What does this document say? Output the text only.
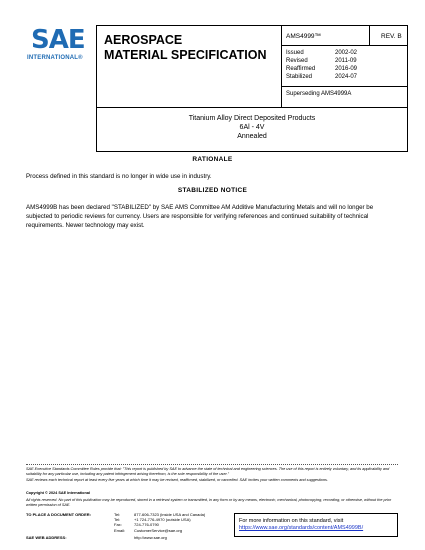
SAE
INTERNATIONAL®
AEROSPACE
MATERIAL SPECIFICATION
AMS4999™	REV. B
Issued	2002-02
Revised	2011-09
Reaffirmed	2016-09
Stabilized	2024-07
Superseding AMS4999A
Titanium Alloy Direct Deposited Products
6Al - 4V
Annealed
RATIONALE
Process defined in this standard is no longer in wide use in industry.
STABILIZED NOTICE
AMS4999B has been declared "STABILIZED" by SAE AMS Committee AM Additive Manufacturing Metals and will no longer be subjected to periodic reviews for currency. Users are responsible for verifying references and continued suitability of technical requirements. Newer technology may exist.
SAE Executive Standards Committee Rules provide that: "This report is published by SAE to advance the state of technical and engineering sciences. The use of this report is entirely voluntary, and its applicability and suitability for any particular use, including any patent infringement arising therefrom, is the sole responsibility of the user."
SAE reviews each technical report at least every five years at which time it may be revised, reaffirmed, stabilized, or cancelled. SAE invites your written comments and suggestions.
Copyright © 2024 SAE International
All rights reserved. No part of this publication may be reproduced, stored in a retrieval system or transmitted, in any form or by any means, electronic, mechanical, photocopying, recording, or otherwise, without the prior written permission of SAE.
TO PLACE A DOCUMENT ORDER:	Tel:	877-606-7323 (inside USA and Canada)
Tel:	+1 724-776-4970 (outside USA)
Fax:	724-776-0790
Email: CustomerService@sae.org
SAE WEB ADDRESS:	http://www.sae.org
For more information on this standard, visit
https://www.sae.org/standards/content/AMS4999B/
